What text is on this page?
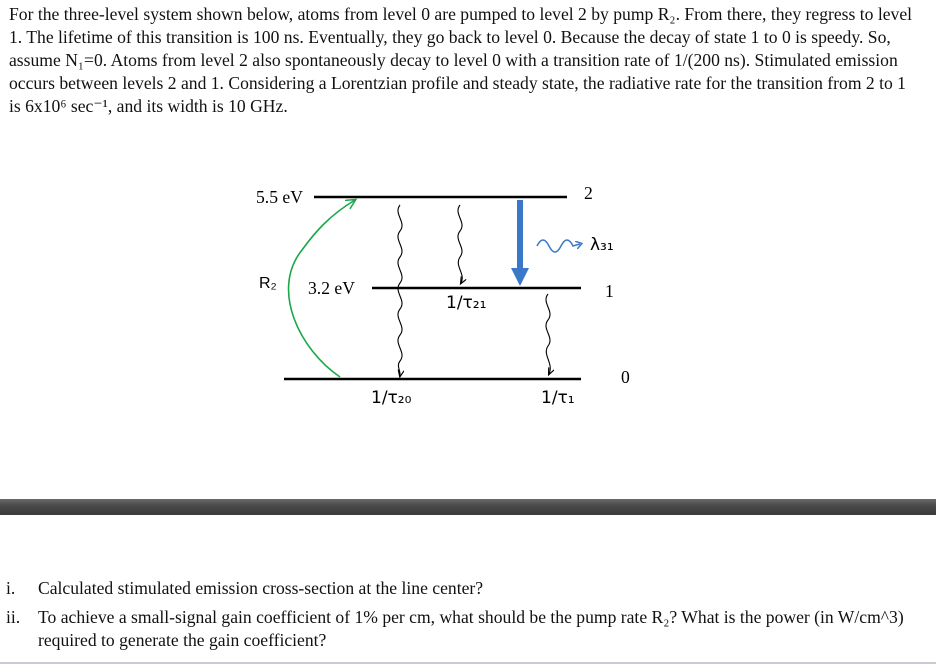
For the three-level system shown below, atoms from level 0 are pumped to level 2 by pump R₂. From there, they regress to level 1. The lifetime of this transition is 100 ns. Eventually, they go back to level 0. Because the decay of state 1 to 0 is speedy. So, assume N₁=0. Atoms from level 2 also spontaneously decay to level 0 with a transition rate of 1/(200 ns). Stimulated emission occurs between levels 2 and 1. Considering a Lorentzian profile and steady state, the radiative rate for the transition from 2 to 1 is 6x10⁶ sec⁻¹, and its width is 10 GHz.

5.5 eV
3.2 eV
R₂
2
1
0
λ₃₁
1/τ₂₁
1/τ₂₀	1/τ₁

i. Calculated stimulated emission cross-section at the line center?

ii. To achieve a small-signal gain coefficient of 1% per cm, what should be the pump rate R₂? What is the power (in W/cm^3) required to generate the gain coefficient?
